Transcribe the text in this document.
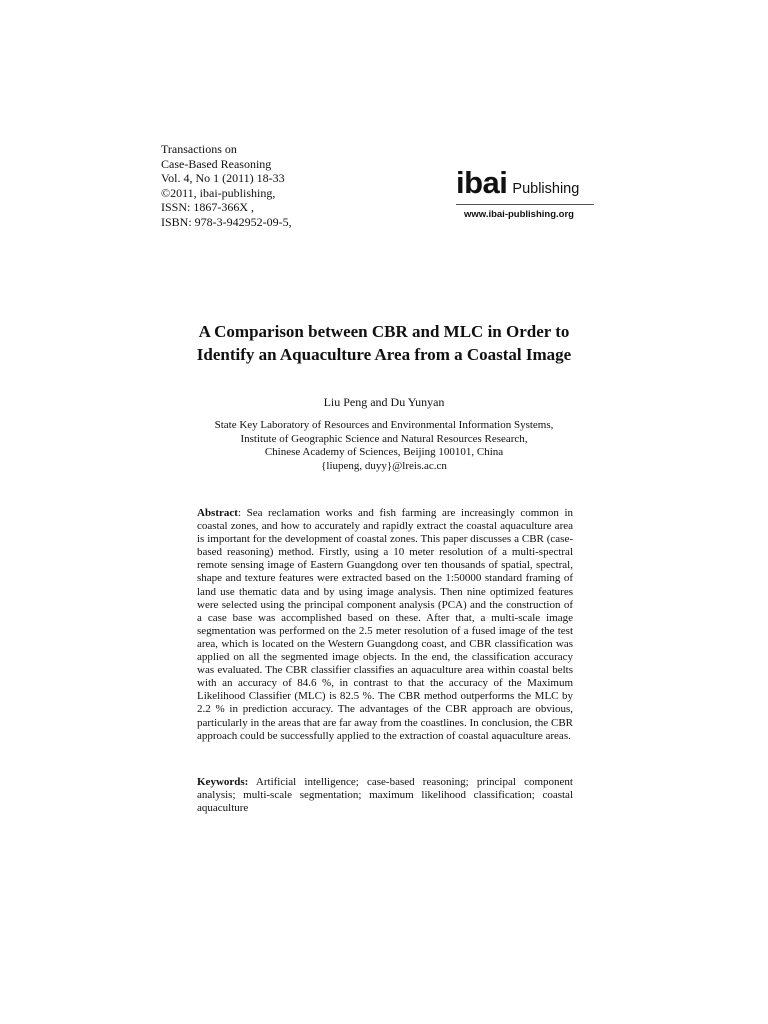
Transactions on
Case-Based Reasoning
Vol. 4, No 1 (2011) 18-33
©2011, ibai-publishing,
ISSN: 1867-366X ,
ISBN: 978-3-942952-09-5,
ibai Publishing
www.ibai-publishing.org
A Comparison between CBR and MLC in Order to
Identify an Aquaculture Area from a Coastal Image
Liu Peng and Du Yunyan
State Key Laboratory of Resources and Environmental Information Systems,
Institute of Geographic Science and Natural Resources Research,
Chinese Academy of Sciences, Beijing 100101, China
{liupeng, duyy}@lreis.ac.cn
Abstract: Sea reclamation works and fish farming are increasingly common in coastal zones, and how to accurately and rapidly extract the coastal aquaculture area is important for the development of coastal zones. This paper discusses a CBR (case-based reasoning) method. Firstly, using a 10 meter resolution of a multi-spectral remote sensing image of Eastern Guangdong over ten thousands of spatial, spectral, shape and texture features were extracted based on the 1:50000 standard framing of land use thematic data and by using image analysis. Then nine optimized features were selected using the principal component analysis (PCA) and the construction of a case base was accomplished based on these. After that, a multi-scale image segmentation was performed on the 2.5 meter resolution of a fused image of the test area, which is located on the Western Guangdong coast, and CBR classification was applied on all the segmented image objects. In the end, the classification accuracy was evaluated. The CBR classifier classifies an aquaculture area within coastal belts with an accuracy of 84.6 %, in contrast to that the accuracy of the Maximum Likelihood Classifier (MLC) is 82.5 %. The CBR method outperforms the MLC by 2.2 % in prediction accuracy. The advantages of the CBR approach are obvious, particularly in the areas that are far away from the coastlines. In conclusion, the CBR approach could be successfully applied to the extraction of coastal aquaculture areas.
Keywords: Artificial intelligence; case-based reasoning; principal component analysis; multi-scale segmentation; maximum likelihood classification; coastal aquaculture
